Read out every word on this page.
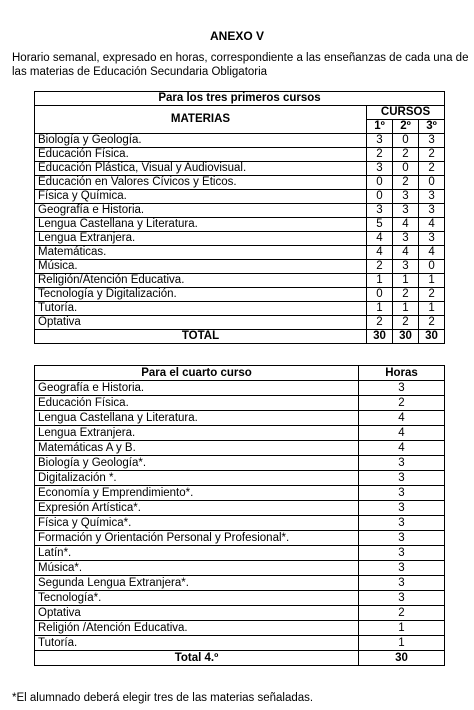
ANEXO V
Horario semanal, expresado en horas, correspondiente a las enseñanzas de cada una de las materias de Educación Secundaria Obligatoria
Para los tres primeros cursos			
MATERIAS	CURSOS		
	1º	2º	3º
Biología y Geología.	3	0	3
Educación Física.	2	2	2
Educación Plástica, Visual y Audiovisual.	3	0	2
Educación en Valores Cívicos y Éticos.	0	2	0
Física y Química.	0	3	3
Geografía e Historia.	3	3	3
Lengua Castellana y Literatura.	5	4	4
Lengua Extranjera.	4	3	3
Matemáticas.	4	4	4
Música.	2	3	0
Religión/Atención Educativa.	1	1	1
Tecnología y Digitalización.	0	2	2
Tutoría.	1	1	1
Optativa	2	2	2
TOTAL	30	30	30
Para el cuarto curso	Horas
Geografía e Historia.	3
Educación Física.	2
Lengua Castellana y Literatura.	4
Lengua Extranjera.	4
Matemáticas A y B.	4
Biología y Geología*.	3
Digitalización *.	3
Economía y Emprendimiento*.	3
Expresión Artística*.	3
Física y Química*.	3
Formación y Orientación Personal y Profesional*.	3
Latín*.	3
Música*.	3
Segunda Lengua Extranjera*.	3
Tecnología*.	3
Optativa	2
Religión /Atención Educativa.	1
Tutoría.	1
Total 4.º	30
*El alumnado deberá elegir tres de las materias señaladas.
